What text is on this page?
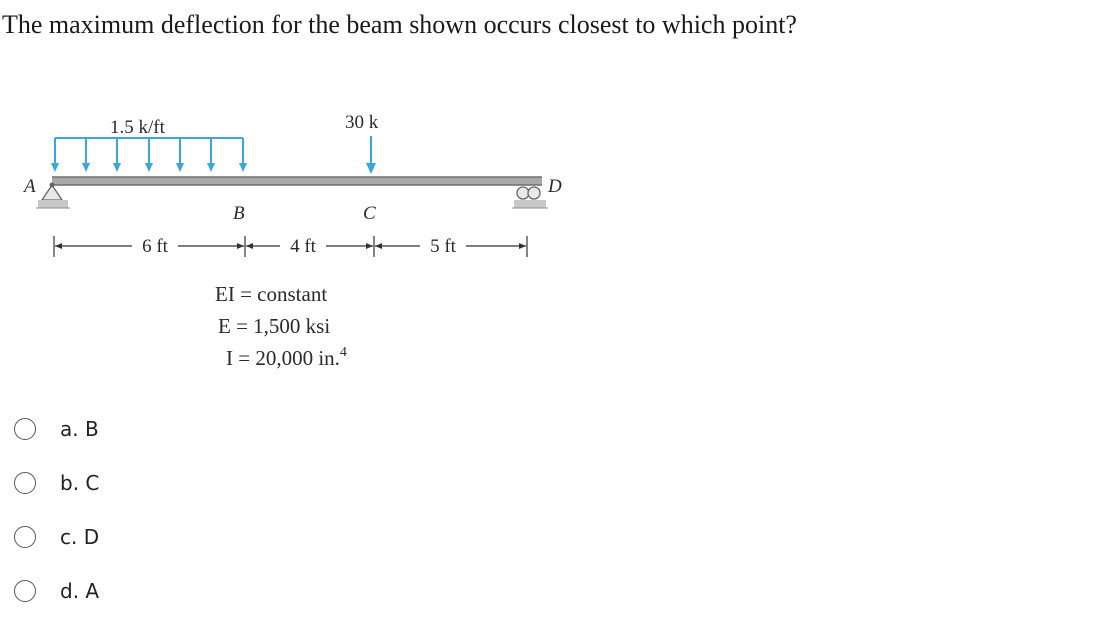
The maximum deflection for the beam shown occurs closest to which point?
1.5 k/ft	30 k
A	D
B	C
6 ft	4 ft	5 ft
EI = constant
E = 1,500 ksi
I = 20,000 in.$^4$
a. B
b. C
c. D
d. A
